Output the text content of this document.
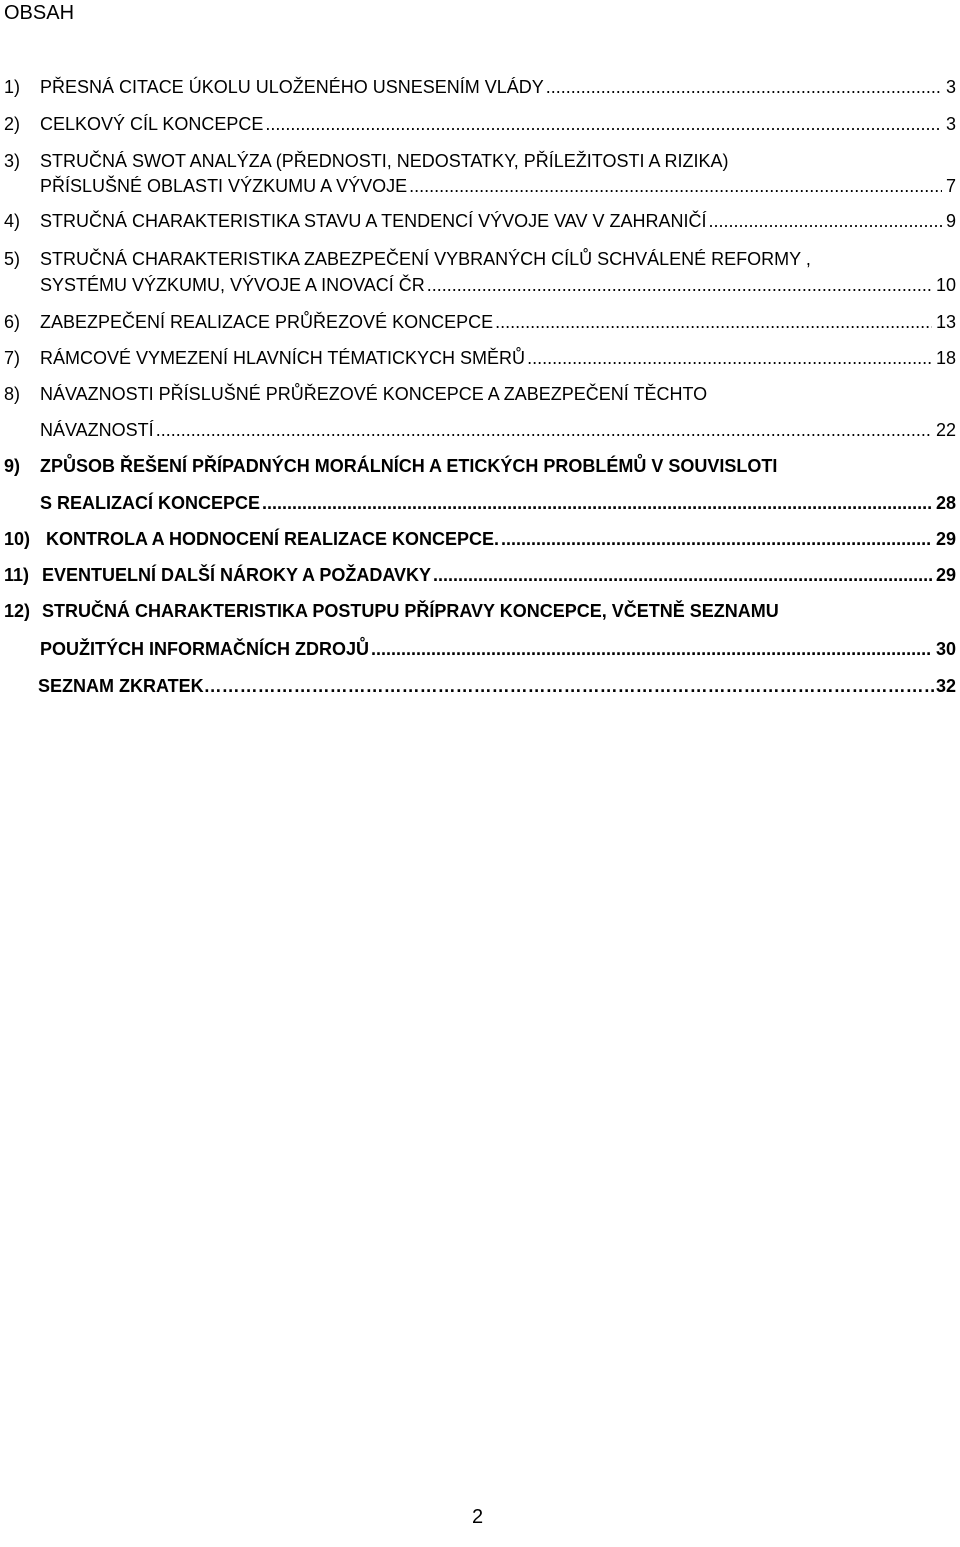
OBSAH
1) PŘESNÁ CITACE ÚKOLU ULOŽENÉHO USNESENÍM VLÁDY .....	3
2) CELKOVÝ CÍL KONCEPCE .....	3
3) STRUČNÁ SWOT ANALÝZA (PŘEDNOSTI, NEDOSTATKY, PŘÍLEŽITOSTI A RIZIKA)
PŘÍSLUŠNÉ OBLASTI VÝZKUMU A VÝVOJE .....	7
4) STRUČNÁ CHARAKTERISTIKA STAVU A TENDENCÍ VÝVOJE VAV V ZAHRANIČÍ .....	9
5) STRUČNÁ CHARAKTERISTIKA ZABEZPEČENÍ VYBRANÝCH CÍLŮ SCHVÁLENÉ REFORMY ,
SYSTÉMU VÝZKUMU, VÝVOJE A INOVACÍ ČR .....	10
6) ZABEZPEČENÍ REALIZACE PRŮŘEZOVÉ KONCEPCE .....	13
7) RÁMCOVÉ VYMEZENÍ HLAVNÍCH TÉMATICKYCH SMĚRŮ .....	18
8) NÁVAZNOSTI PŘÍSLUŠNÉ PRŮŘEZOVÉ KONCEPCE A ZABEZPEČENÍ TĚCHTO
NÁVAZNOSTÍ .....	22
9) ZPŮSOB ŘEŠENÍ PŘÍPADNÝCH MORÁLNÍCH A ETICKÝCH PROBLÉMŮ V SOUVISLOTI
S REALIZACÍ KONCEPCE .....	28
10) KONTROLA A HODNOCENÍ REALIZACE KONCEPCE. .....	29
11) EVENTUELNÍ DALŠÍ NÁROKY A POŽADAVKY .....	29
12) STRUČNÁ CHARAKTERISTIKA POSTUPU PŘÍPRAVY KONCEPCE, VČETNĚ SEZNAMU
POUŽITÝCH INFORMAČNÍCH ZDROJŮ .....	30
SEZNAM ZKRATEK ……………………………………………………………………………………………………………………………………………………………………………………………………………	32
2
